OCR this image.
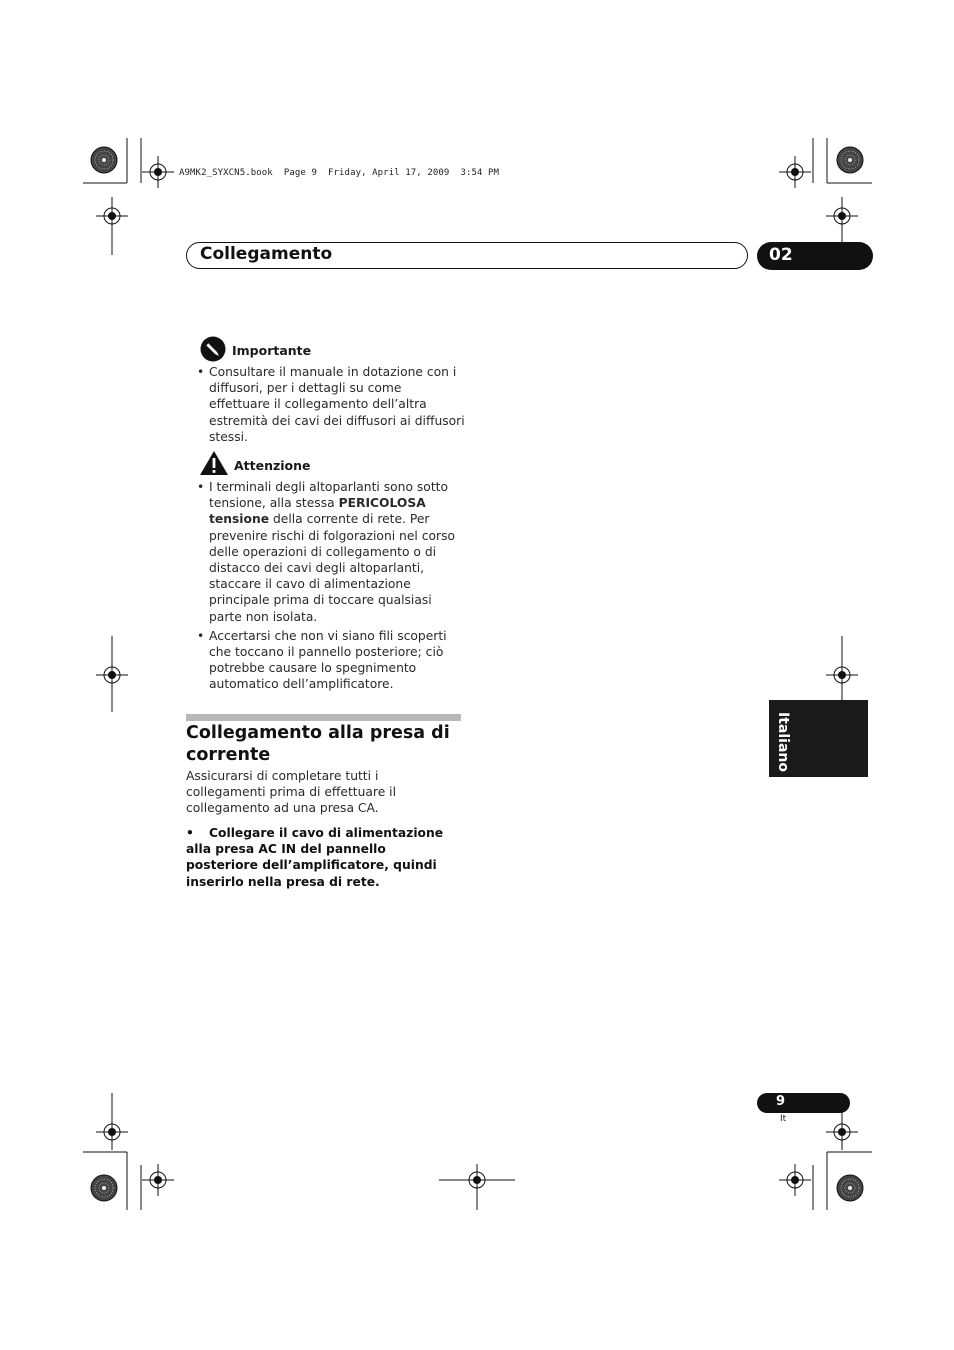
A9MK2_SYXCN5.book  Page 9  Friday, April 17, 2009  3:54 PM
Collegamento	02
Importante
• Consultare il manuale in dotazione con i diffusori, per i dettagli su come effettuare il collegamento dell’altra estremità dei cavi dei diffusori ai diffusori stessi.
Attenzione
• I terminali degli altoparlanti sono sotto tensione, alla stessa PERICOLOSA tensione della corrente di rete. Per prevenire rischi di folgorazioni nel corso delle operazioni di collegamento o di distacco dei cavi degli altoparlanti, staccare il cavo di alimentazione principale prima di toccare qualsiasi parte non isolata.
• Accertarsi che non vi siano fili scoperti che toccano il pannello posteriore; ciò potrebbe causare lo spegnimento automatico dell’amplificatore.
Collegamento alla presa di corrente
Assicurarsi di completare tutti i collegamenti prima di effettuare il collegamento ad una presa CA.
• Collegare il cavo di alimentazione alla presa AC IN del pannello posteriore dell’amplificatore, quindi inserirlo nella presa di rete.
Italiano
9
It
